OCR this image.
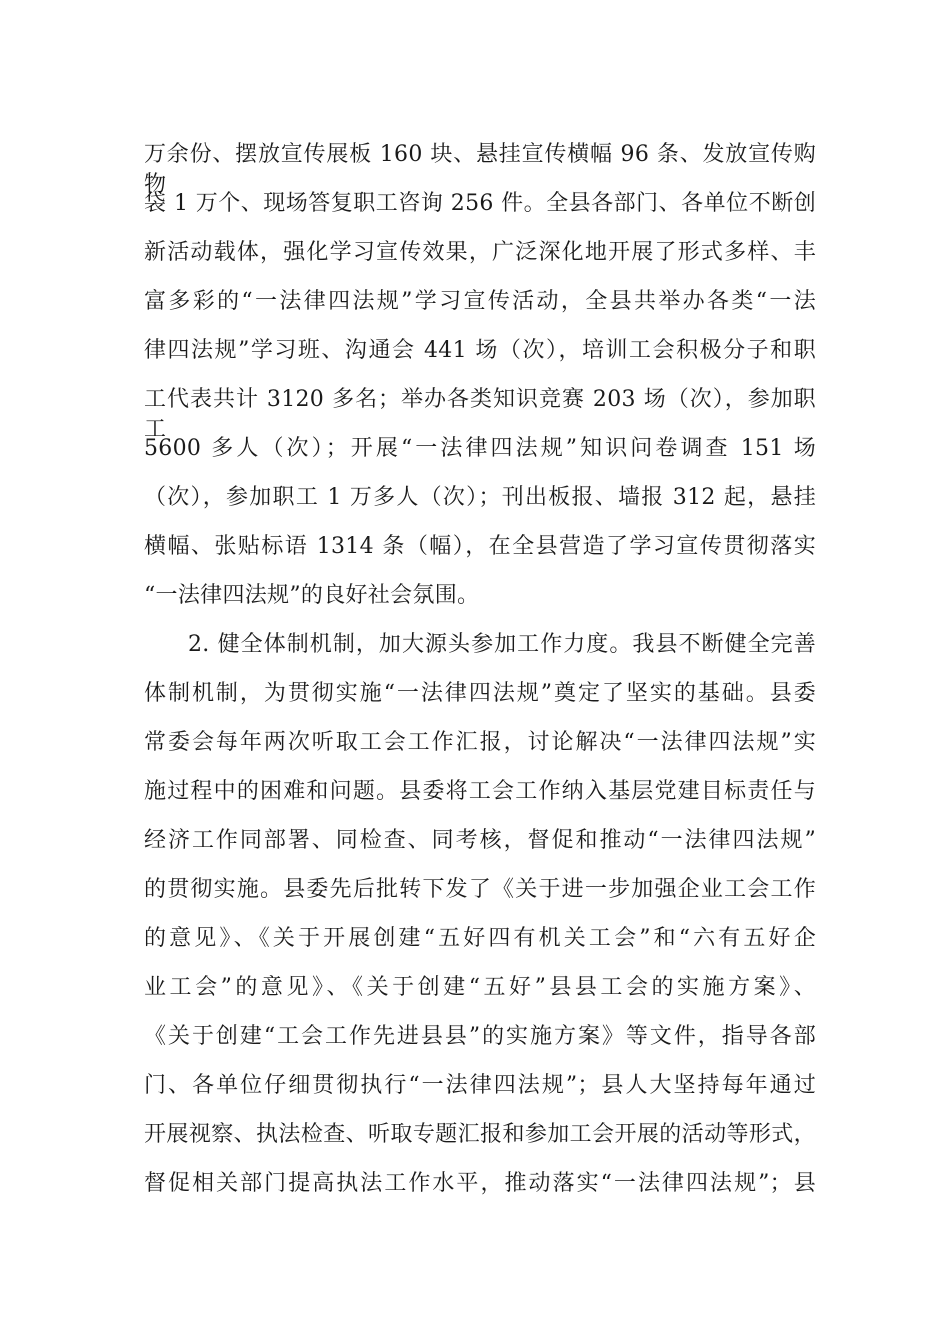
万余份、摆放宣传展板 160 块、悬挂宣传横幅 96 条、发放宣传购物
袋 1 万个、现场答复职工咨询 256 件。全县各部门、各单位不断创
新活动载体，强化学习宣传效果，广泛深化地开展了形式多样、丰
富多彩的“一法律四法规”学习宣传活动，全县共举办各类“一法
律四法规”学习班、沟通会 441 场（次），培训工会积极分子和职
工代表共计 3120 多名；举办各类知识竞赛 203 场（次），参加职工
5600 多人（次）；开展“一法律四法规”知识问卷调查 151 场
（次），参加职工 1 万多人（次）；刊出板报、墙报 312 起，悬挂
横幅、张贴标语 1314 条（幅），在全县营造了学习宣传贯彻落实
“一法律四法规”的良好社会氛围。
2. 健全体制机制，加大源头参加工作力度。我县不断健全完善
体制机制，为贯彻实施“一法律四法规”奠定了坚实的基础。县委
常委会每年两次听取工会工作汇报，讨论解决“一法律四法规”实
施过程中的困难和问题。县委将工会工作纳入基层党建目标责任与
经济工作同部署、同检查、同考核，督促和推动“一法律四法规”
的贯彻实施。县委先后批转下发了《关于进一步加强企业工会工作
的意见》、《关于开展创建“五好四有机关工会”和“六有五好企
业工会”的意见》、《关于创建“五好”县县工会的实施方案》、
《关于创建“工会工作先进县县”的实施方案》等文件，指导各部
门、各单位仔细贯彻执行“一法律四法规”；县人大坚持每年通过
开展视察、执法检查、听取专题汇报和参加工会开展的活动等形式，
督促相关部门提高执法工作水平，推动落实“一法律四法规”；县
